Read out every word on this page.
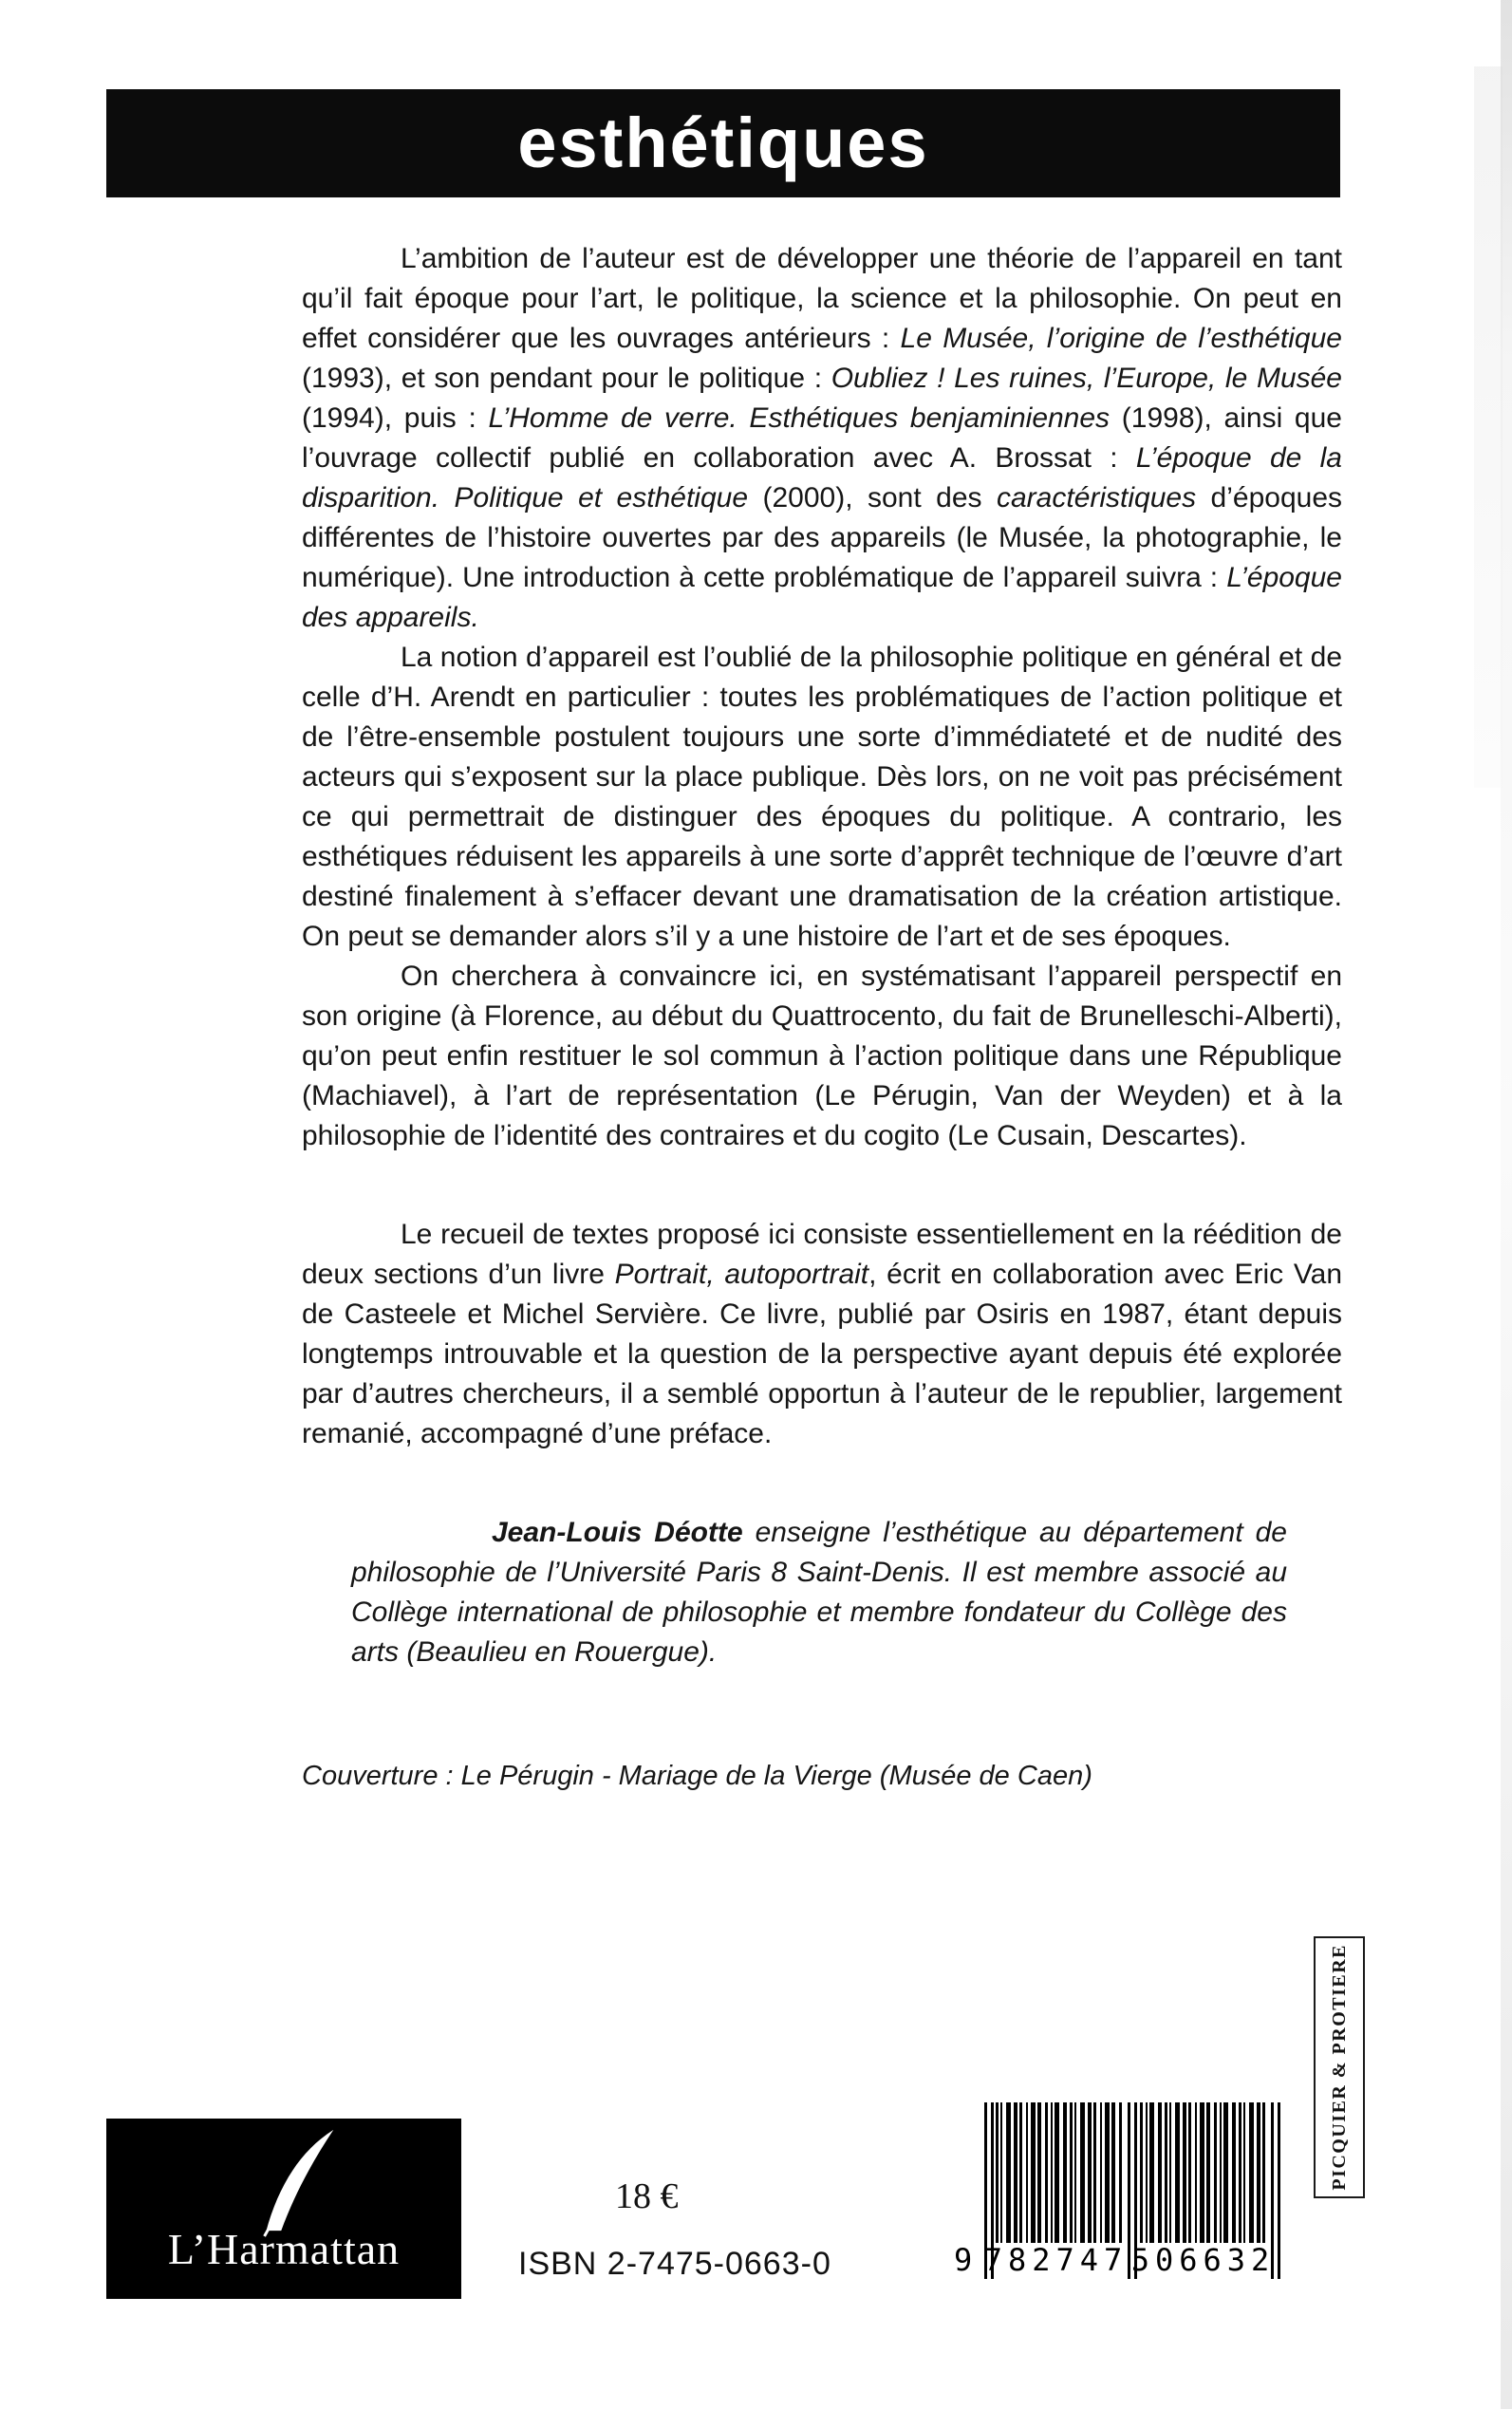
esthétiques

L’ambition de l’auteur est de développer une théorie de l’appareil en tant qu’il fait époque pour l’art, le politique, la science et la philosophie. On peut en effet considérer que les ouvrages antérieurs : Le Musée, l’origine de l’esthétique (1993), et son pendant pour le politique : Oubliez ! Les ruines, l’Europe, le Musée (1994), puis : L’Homme de verre. Esthétiques benjaminiennes (1998), ainsi que l’ouvrage collectif publié en collaboration avec A. Brossat : L’époque de la disparition. Politique et esthétique (2000), sont des caractéristiques d’époques différentes de l’histoire ouvertes par des appareils (le Musée, la photographie, le numérique). Une introduction à cette problématique de l’appareil suivra : L’époque des appareils.

La notion d’appareil est l’oublié de la philosophie politique en général et de celle d’H. Arendt en particulier : toutes les problématiques de l’action politique et de l’être-ensemble postulent toujours une sorte d’immédiateté et de nudité des acteurs qui s’exposent sur la place publique. Dès lors, on ne voit pas précisément ce qui permettrait de distinguer des époques du politique. A contrario, les esthétiques réduisent les appareils à une sorte d’apprêt technique de l’œuvre d’art destiné finalement à s’effacer devant une dramatisation de la création artistique. On peut se demander alors s’il y a une histoire de l’art et de ses époques.

On cherchera à convaincre ici, en systématisant l’appareil perspectif en son origine (à Florence, au début du Quattrocento, du fait de Brunelleschi-Alberti), qu’on peut enfin restituer le sol commun à l’action politique dans une République (Machiavel), à l’art de représentation (Le Pérugin, Van der Weyden) et à la philosophie de l’identité des contraires et du cogito (Le Cusain, Descartes).

Le recueil de textes proposé ici consiste essentiellement en la réédition de deux sections d’un livre Portrait, autoportrait, écrit en collaboration avec Eric Van de Casteele et Michel Servière. Ce livre, publié par Osiris en 1987, étant depuis longtemps introuvable et la question de la perspective ayant depuis été explorée par d’autres chercheurs, il a semblé opportun à l’auteur de le republier, largement remanié, accompagné d’une préface.

Jean-Louis Déotte enseigne l’esthétique au département de philosophie de l’Université Paris 8 Saint-Denis. Il est membre associé au Collège international de philosophie et membre fondateur du Collège des arts (Beaulieu en Rouergue).

Couverture : Le Pérugin - Mariage de la Vierge (Musée de Caen)
L’Harmattan
18 €
ISBN 2-7475-0663-0	9 782747 506632
PICQUIER & PROTIERE
